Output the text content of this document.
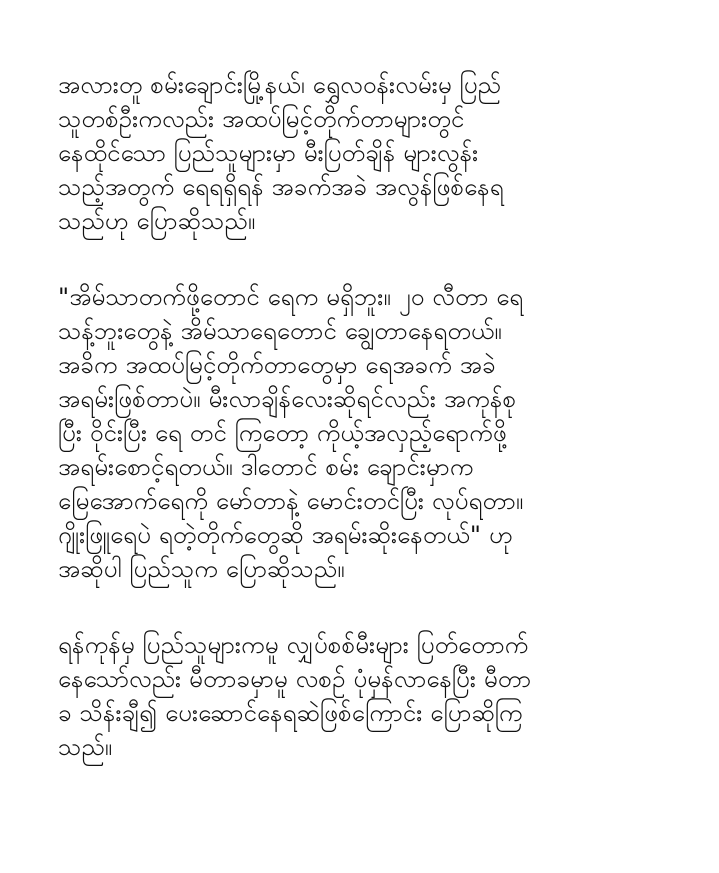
အလားတူ စမ်းချောင်းမြို့နယ်၊ ရွှေလဝန်းလမ်းမှ ပြည်
သူတစ်ဦးကလည်း အထပ်မြင့်တိုက်တာများတွင်
နေထိုင်သော ပြည်သူများမှာ မီးပြတ်ချိန် များလွန်း
သည့်အတွက် ရေရရှိရန် အခက်အခဲ အလွန်ဖြစ်နေရ
သည်ဟု ပြောဆိုသည်။
"အိမ်သာတက်ဖို့တောင် ရေက မရှိဘူး။ ၂၀ လီတာ ရေ
သန့်ဘူးတွေနဲ့ အိမ်သာရေတောင် ချွေတာနေရတယ်။
အခိက အထပ်မြင့်တိုက်တာတွေမှာ ရေအခက် အခဲ
အရမ်းဖြစ်တာပဲ။ မီးလာချိန်လေးဆိုရင်လည်း အကုန်စု
ပြီး ဝိုင်းပြီး ရေ တင် ကြတော့ ကိုယ့်အလှည့်ရောက်ဖို့
အရမ်းစောင့်ရတယ်။ ဒါတောင် စမ်း ချောင်းမှာက
မြေအောက်ရေကို မော်တာနဲ့ မောင်းတင်ပြီး လုပ်ရတာ။
ဂျိုးဖြူရေပဲ ရတဲ့တိုက်တွေဆို အရမ်းဆိုးနေတယ်" ဟု
အဆိုပါ ပြည်သူက ပြောဆိုသည်။
ရန်ကုန်မှ ပြည်သူများကမူ လျှပ်စစ်မီးများ ပြတ်တောက်
နေသော်လည်း မီတာခမှာမူ လစဉ် ပုံမှန်လာနေပြီး မီတာ
ခ သိန်းချီ၍ ပေးဆောင်နေရဆဲဖြစ်ကြောင်း ပြောဆိုကြ
သည်။
